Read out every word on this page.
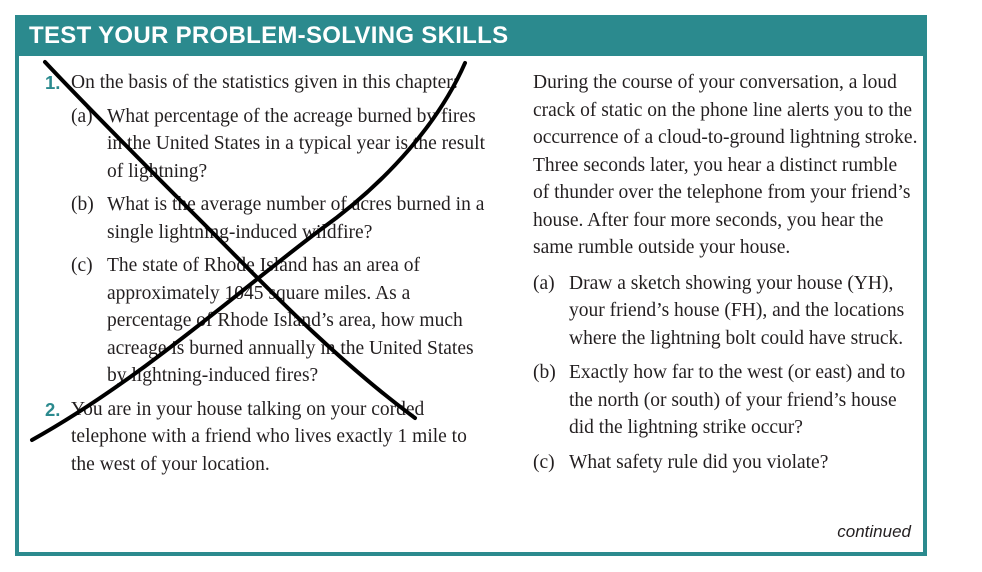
TEST YOUR PROBLEM-SOLVING SKILLS
1. On the basis of the statistics given in this chapter:
(a) What percentage of the acreage burned by fires in the United States in a typical year is the result of lightning?
(b) What is the average number of acres burned in a single lightning-induced wildfire?
(c) The state of Rhode Island has an area of approximately 1045 square miles. As a percentage of Rhode Island’s area, how much acreage is burned annually in the United States by lightning-induced fires?
2. You are in your house talking on your corded telephone with a friend who lives exactly 1 mile to the west of your location.
During the course of your conversation, a loud crack of static on the phone line alerts you to the occurrence of a cloud-to-ground lightning stroke. Three seconds later, you hear a distinct rumble of thunder over the telephone from your friend’s house. After four more seconds, you hear the same rumble outside your house.
(a) Draw a sketch showing your house (YH), your friend’s house (FH), and the locations where the lightning bolt could have struck.
(b) Exactly how far to the west (or east) and to the north (or south) of your friend’s house did the lightning strike occur?
(c) What safety rule did you violate?
continued
